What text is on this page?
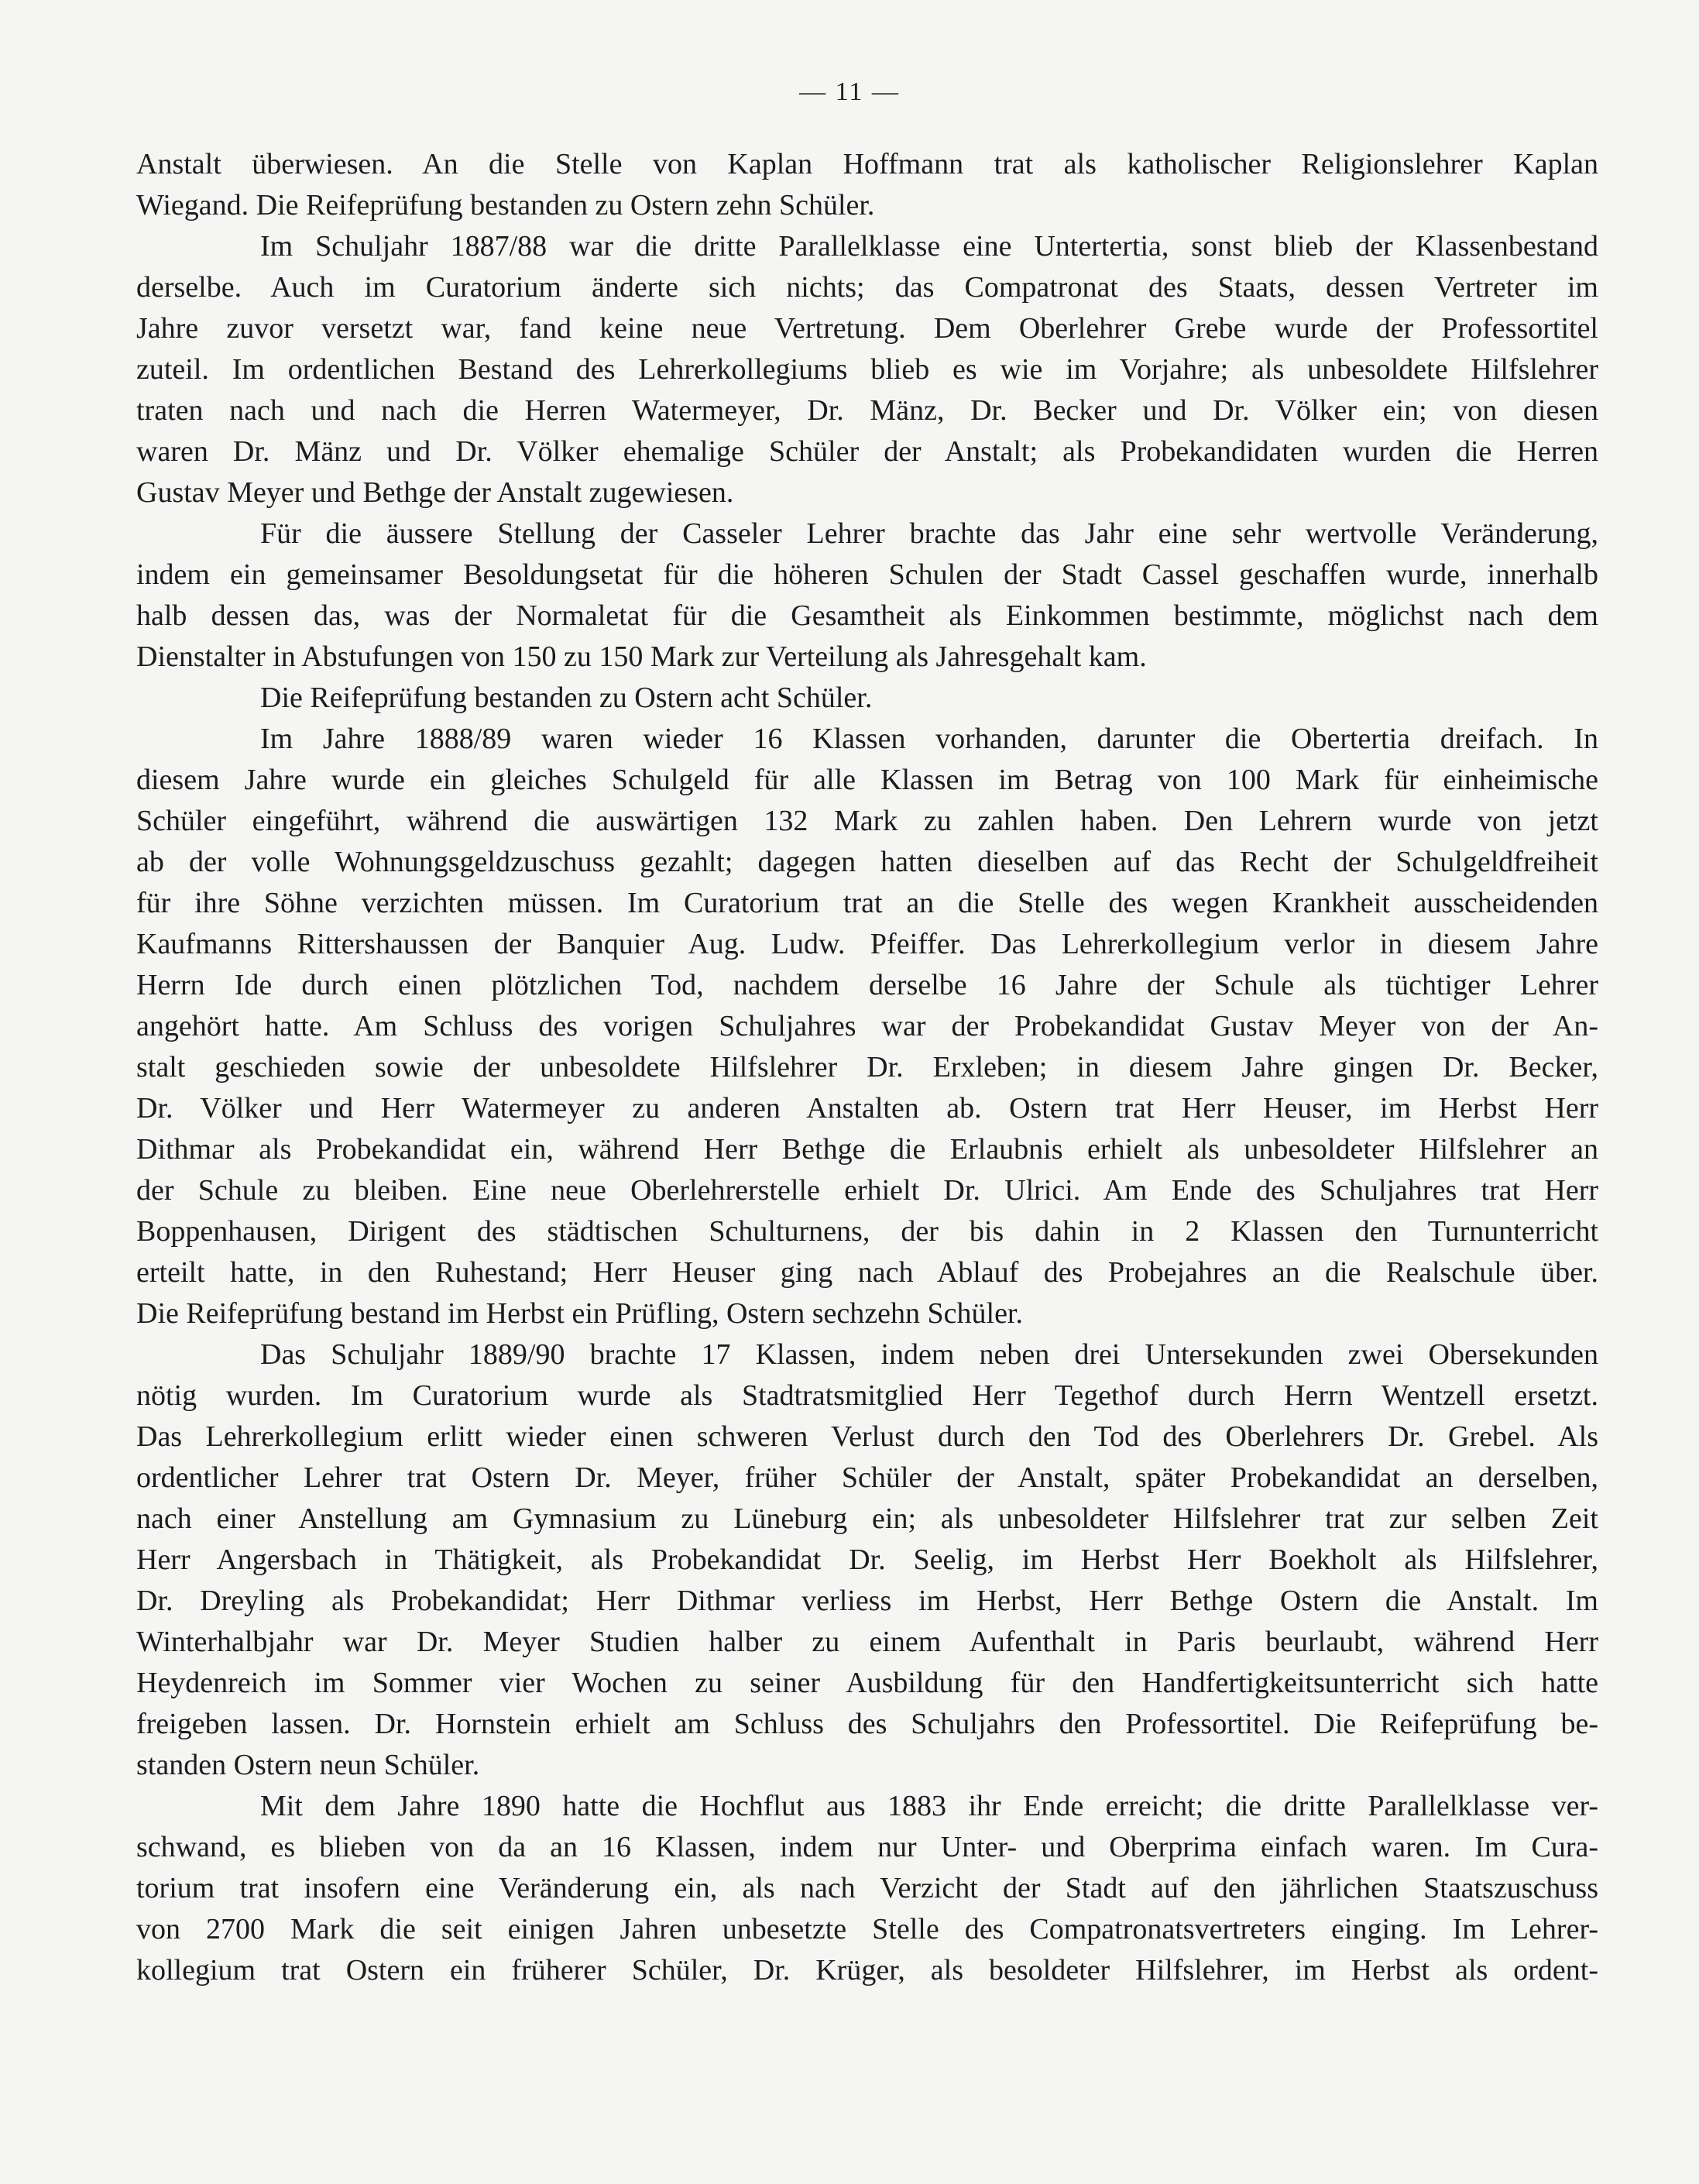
— 11 —
Anstalt überwiesen. An die Stelle von Kaplan Hoffmann trat als katholischer Religionslehrer Kaplan
Wiegand. Die Reifeprüfung bestanden zu Ostern zehn Schüler.
Im Schuljahr 1887/88 war die dritte Parallelklasse eine Untertertia, sonst blieb der Klassenbestand
derselbe. Auch im Curatorium änderte sich nichts; das Compatronat des Staats, dessen Vertreter im
Jahre zuvor versetzt war, fand keine neue Vertretung. Dem Oberlehrer Grebe wurde der Professortitel
zuteil. Im ordentlichen Bestand des Lehrerkollegiums blieb es wie im Vorjahre; als unbesoldete Hilfslehrer
traten nach und nach die Herren Watermeyer, Dr. Mänz, Dr. Becker und Dr. Völker ein; von diesen
waren Dr. Mänz und Dr. Völker ehemalige Schüler der Anstalt; als Probekandidaten wurden die Herren
Gustav Meyer und Bethge der Anstalt zugewiesen.
Für die äussere Stellung der Casseler Lehrer brachte das Jahr eine sehr wertvolle Veränderung,
indem ein gemeinsamer Besoldungsetat für die höheren Schulen der Stadt Cassel geschaffen wurde, innerhalb
halb dessen das, was der Normaletat für die Gesamtheit als Einkommen bestimmte, möglichst nach dem
Dienstalter in Abstufungen von 150 zu 150 Mark zur Verteilung als Jahresgehalt kam.
Die Reifeprüfung bestanden zu Ostern acht Schüler.
Im Jahre 1888/89 waren wieder 16 Klassen vorhanden, darunter die Obertertia dreifach. In
diesem Jahre wurde ein gleiches Schulgeld für alle Klassen im Betrag von 100 Mark für einheimische
Schüler eingeführt, während die auswärtigen 132 Mark zu zahlen haben. Den Lehrern wurde von jetzt
ab der volle Wohnungsgeldzuschuss gezahlt; dagegen hatten dieselben auf das Recht der Schulgeldfreiheit
für ihre Söhne verzichten müssen. Im Curatorium trat an die Stelle des wegen Krankheit ausscheidenden
Kaufmanns Rittershaussen der Banquier Aug. Ludw. Pfeiffer. Das Lehrerkollegium verlor in diesem Jahre
Herrn Ide durch einen plötzlichen Tod, nachdem derselbe 16 Jahre der Schule als tüchtiger Lehrer
angehört hatte. Am Schluss des vorigen Schuljahres war der Probekandidat Gustav Meyer von der An-
stalt geschieden sowie der unbesoldete Hilfslehrer Dr. Erxleben; in diesem Jahre gingen Dr. Becker,
Dr. Völker und Herr Watermeyer zu anderen Anstalten ab. Ostern trat Herr Heuser, im Herbst Herr
Dithmar als Probekandidat ein, während Herr Bethge die Erlaubnis erhielt als unbesoldeter Hilfslehrer an
der Schule zu bleiben. Eine neue Oberlehrerstelle erhielt Dr. Ulrici. Am Ende des Schuljahres trat Herr
Boppenhausen, Dirigent des städtischen Schulturnens, der bis dahin in 2 Klassen den Turnunterricht
erteilt hatte, in den Ruhestand; Herr Heuser ging nach Ablauf des Probejahres an die Realschule über.
Die Reifeprüfung bestand im Herbst ein Prüfling, Ostern sechzehn Schüler.
Das Schuljahr 1889/90 brachte 17 Klassen, indem neben drei Untersekunden zwei Obersekunden
nötig wurden. Im Curatorium wurde als Stadtratsmitglied Herr Tegethof durch Herrn Wentzell ersetzt.
Das Lehrerkollegium erlitt wieder einen schweren Verlust durch den Tod des Oberlehrers Dr. Grebel. Als
ordentlicher Lehrer trat Ostern Dr. Meyer, früher Schüler der Anstalt, später Probekandidat an derselben,
nach einer Anstellung am Gymnasium zu Lüneburg ein; als unbesoldeter Hilfslehrer trat zur selben Zeit
Herr Angersbach in Thätigkeit, als Probekandidat Dr. Seelig, im Herbst Herr Boekholt als Hilfslehrer,
Dr. Dreyling als Probekandidat; Herr Dithmar verliess im Herbst, Herr Bethge Ostern die Anstalt. Im
Winterhalbjahr war Dr. Meyer Studien halber zu einem Aufenthalt in Paris beurlaubt, während Herr
Heydenreich im Sommer vier Wochen zu seiner Ausbildung für den Handfertigkeitsunterricht sich hatte
freigeben lassen. Dr. Hornstein erhielt am Schluss des Schuljahrs den Professortitel. Die Reifeprüfung be-
standen Ostern neun Schüler.
Mit dem Jahre 1890 hatte die Hochflut aus 1883 ihr Ende erreicht; die dritte Parallelklasse ver-
schwand, es blieben von da an 16 Klassen, indem nur Unter- und Oberprima einfach waren. Im Cura-
torium trat insofern eine Veränderung ein, als nach Verzicht der Stadt auf den jährlichen Staatszuschuss
von 2700 Mark die seit einigen Jahren unbesetzte Stelle des Compatronatsvertreters einging. Im Lehrer-
kollegium trat Ostern ein früherer Schüler, Dr. Krüger, als besoldeter Hilfslehrer, im Herbst als ordent-
